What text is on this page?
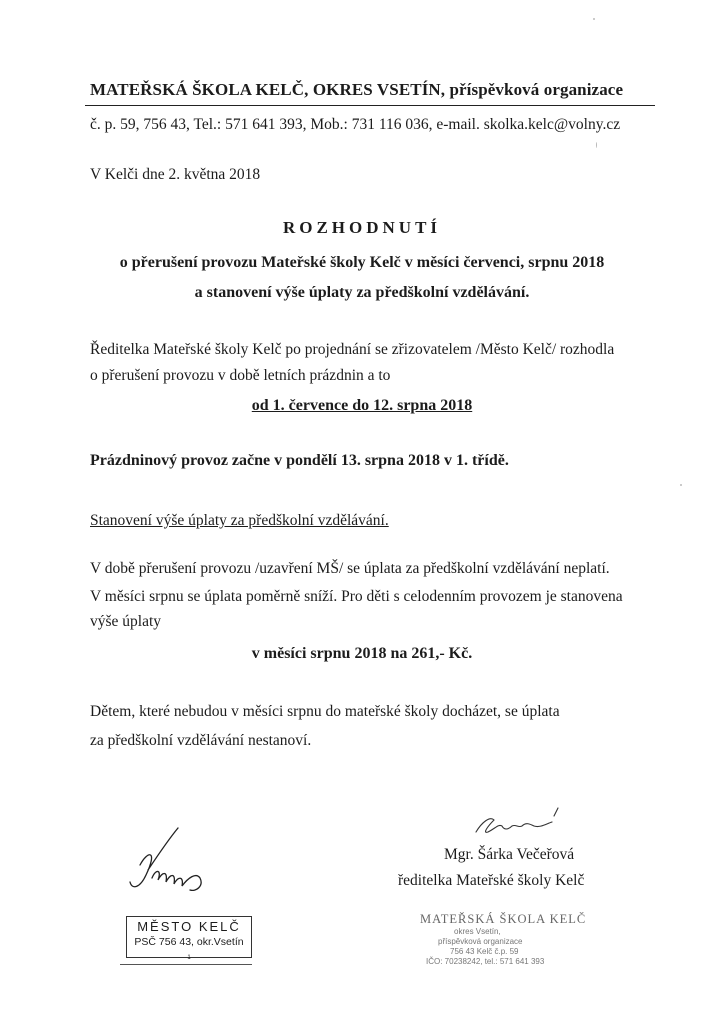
MATEŘSKÁ ŠKOLA KELČ, OKRES VSETÍN, příspěvková organizace
č. p. 59, 756 43, Tel.: 571 641 393, Mob.: 731 116 036, e-mail. skolka.kelc@volny.cz
V Kelči dne 2. května 2018
ROZHODNUTÍ
o přerušení provozu Mateřské školy Kelč v měsíci červenci, srpnu 2018
a stanovení výše úplaty za předškolní vzdělávání.
Ředitelka Mateřské školy Kelč po projednání se zřizovatelem /Město Kelč/ rozhodla
o přerušení provozu v době letních prázdnin a to
od 1. července do 12. srpna 2018
Prázdninový provoz začne v pondělí 13. srpna 2018 v 1. třídě.
Stanovení výše úplaty za předškolní vzdělávání.
V době přerušení provozu /uzavření MŠ/ se úplata za předškolní vzdělávání neplatí.
V měsíci srpnu se úplata poměrně sníží. Pro děti s celodenním provozem je stanovena
výše úplaty
v měsíci srpnu 2018 na 261,- Kč.
Dětem, které nebudou v měsíci srpnu do mateřské školy docházet, se úplata
za předškolní vzdělávání nestanoví.
Mgr. Šárka Večeřová
ředitelka Mateřské školy Kelč
MĚSTO KELČ
PSČ 756 43, okr.Vsetín
1
MATEŘSKÁ ŠKOLA KELČ
okres Vsetín,
příspěvková organizace
756 43 Kelč č.p. 59
IČO: 70238242, tel.: 571 641 393
